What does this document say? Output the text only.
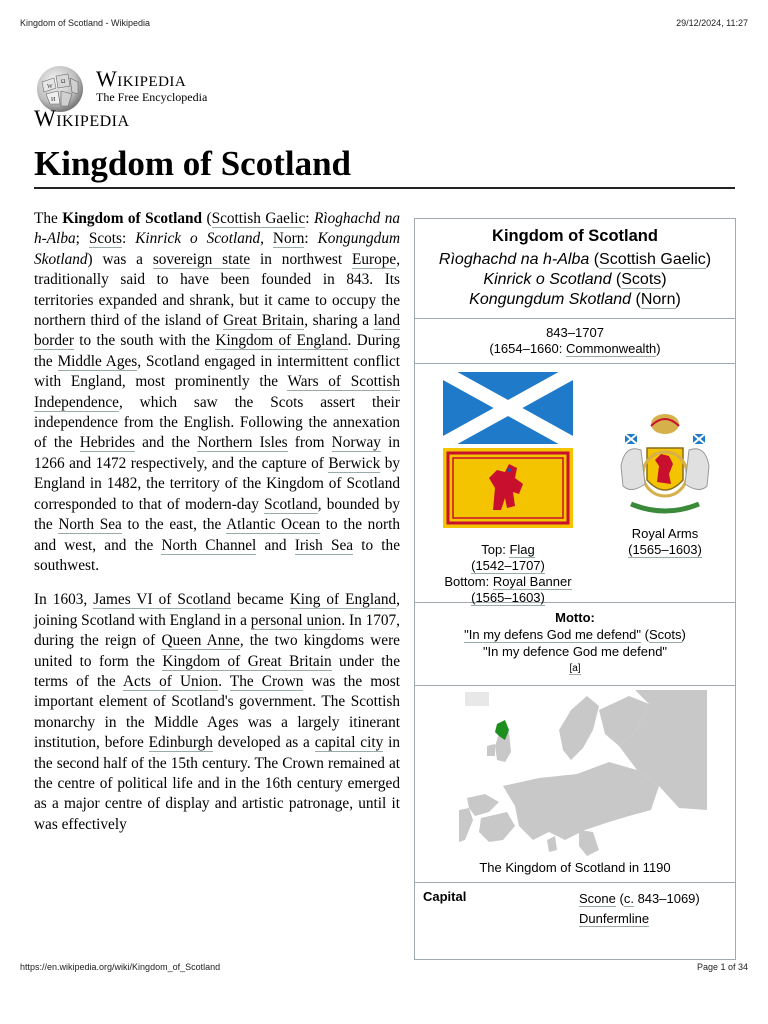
Kingdom of Scotland - Wikipedia	29/12/2024, 11:27
W
Ω
И
Wikipedia
The Free Encyclopedia
Wikipedia
Kingdom of Scotland

The Kingdom of Scotland (Scottish Gaelic: Rìoghachd na h-Alba; Scots: Kinrick o Scotland, Norn: Kongungdum Skotland) was a sovereign state in northwest Europe, traditionally said to have been founded in 843. Its territories expanded and shrank, but it came to occupy the northern third of the island of Great Britain, sharing a land border to the south with the Kingdom of England. During the Middle Ages, Scotland engaged in intermittent conflict with England, most prominently the Wars of Scottish Independence, which saw the Scots assert their independence from the English. Following the annexation of the Hebrides and the Northern Isles from Norway in 1266 and 1472 respectively, and the capture of Berwick by England in 1482, the territory of the Kingdom of Scotland corresponded to that of modern-day Scotland, bounded by the North Sea to the east, the Atlantic Ocean to the north and west, and the North Channel and Irish Sea to the southwest.

In 1603, James VI of Scotland became King of England, joining Scotland with England in a personal union. In 1707, during the reign of Queen Anne, the two kingdoms were united to form the Kingdom of Great Britain under the terms of the Acts of Union. The Crown was the most important element of Scotland's government. The Scottish monarchy in the Middle Ages was a largely itinerant institution, before Edinburgh developed as a capital city in the second half of the 15th century. The Crown remained at the centre of political life and in the 16th century emerged as a major centre of display and artistic patronage, until it was effectively

Kingdom of Scotland
Rìoghachd na h-Alba (Scottish Gaelic)
Kinrick o Scotland (Scots)
Kongungdum Skotland (Norn)
843–1707
(1654–1660: Commonwealth)
Top: Flag
(1542–1707)
Bottom: Royal Banner
(1565–1603)
Royal Arms
(1565–1603)
Motto:
"In my defens God me defend" (Scots)
"In my defence God me defend"
[a]
The Kingdom of Scotland in 1190
Capital	Scone (c. 843–1069)
Dunfermline
https://en.wikipedia.org/wiki/Kingdom_of_Scotland	Page 1 of 34
